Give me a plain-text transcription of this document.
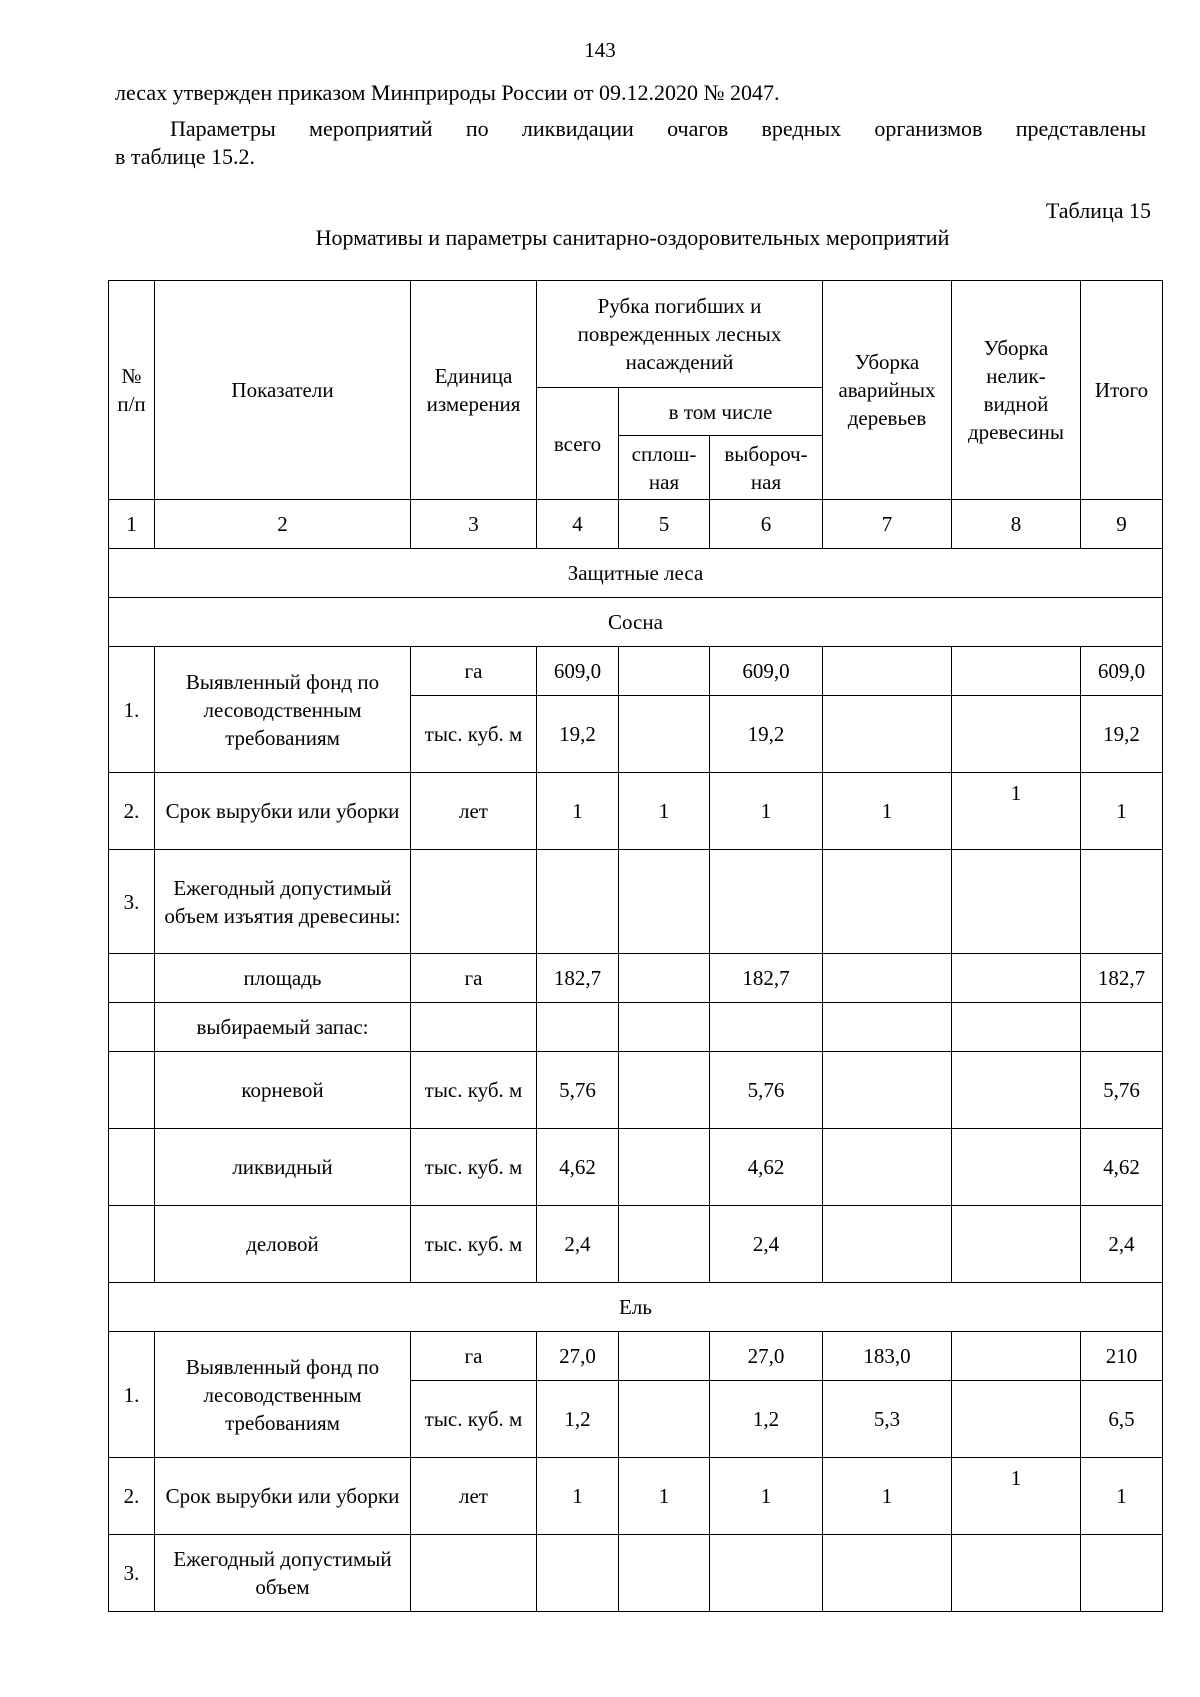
143
лесах утвержден приказом Минприроды России от 09.12.2020 № 2047.
Параметры мероприятий по ликвидации очагов вредных организмов представлены
в таблице 15.2.
Таблица 15
Нормативы и параметры санитарно-оздоровительных мероприятий
№ п/п	Показатели	Единица измерения	Рубка погибших и поврежденных лесных насаждений			Уборка аварийных деревьев	Уборка нелик-видной древесины	Итого
			всего	в том числе				
				сплош-ная	выбороч-ная			

1	2	3	4	5	6	7	8	9
Защитные леса								
Сосна								
1.	Выявленный фонд по лесоводственным требованиям	га	609,0		609,0			609,0
		тыс. куб. м	19,2		19,2			19,2
2.	Срок вырубки или уборки	лет	1	1	1	1	1	1
3.	Ежегодный допустимый объем изъятия древесины:							
	площадь	га	182,7		182,7			182,7
	выбираемый запас:							
	корневой	тыс. куб. м	5,76		5,76			5,76
	ликвидный	тыс. куб. м	4,62		4,62			4,62
	деловой	тыс. куб. м	2,4		2,4			2,4
Ель								
1.	Выявленный фонд по лесоводственным требованиям	га	27,0		27,0	183,0		210
		тыс. куб. м	1,2		1,2	5,3		6,5
2.	Срок вырубки или уборки	лет	1	1	1	1	1	1
3.	Ежегодный допустимый объем							
